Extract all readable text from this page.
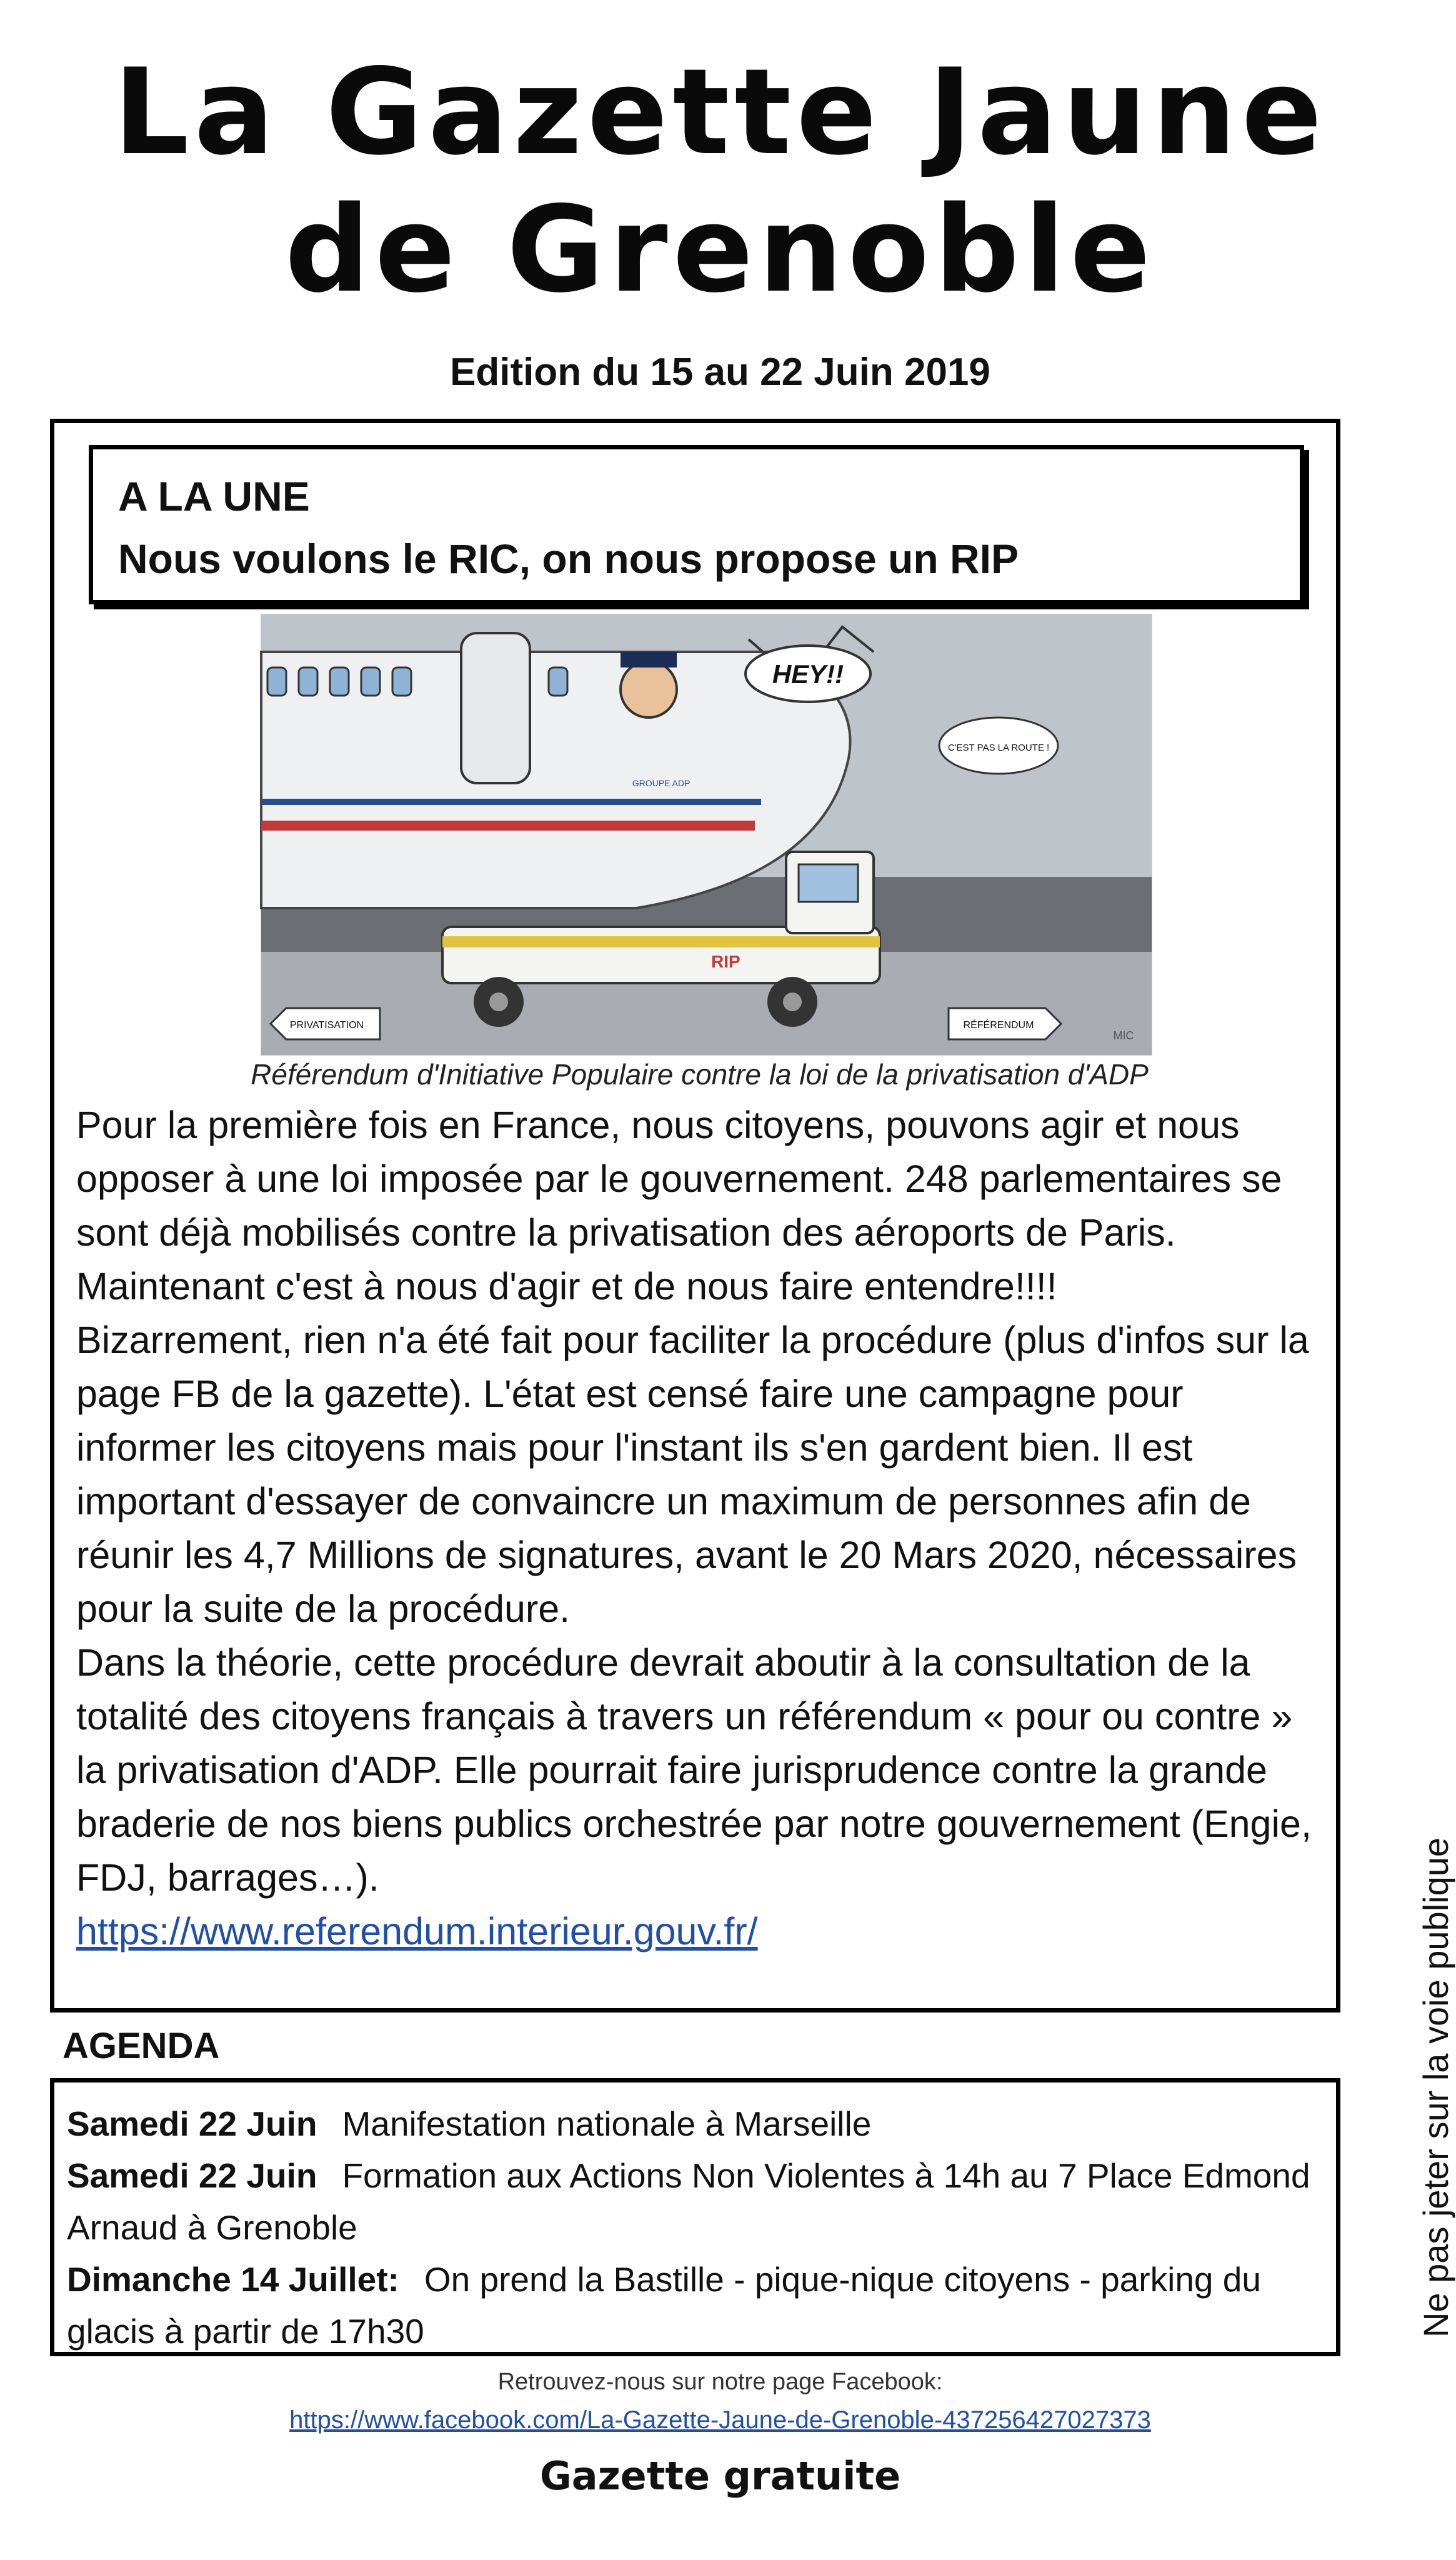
La Gazette Jaune
de Grenoble
Edition du 15 au 22 Juin 2019
A LA UNE
Nous voulons le RIC, on nous propose un RIP
HEY!!
C'EST PAS LA ROUTE !
GROUPE ADP
RIP
PRIVATISATION	RÉFÉRENDUM
MIC
Référendum d'Initiative Populaire contre la loi de la privatisation d'ADP

Pour la première fois en France, nous citoyens, pouvons agir et nous opposer à une loi imposée par le gouvernement. 248 parlementaires se sont déjà mobilisés contre la privatisation des aéroports de Paris.

Maintenant c'est à nous d'agir et de nous faire entendre!!!!

Bizarrement, rien n'a été fait pour faciliter la procédure (plus d'infos sur la page FB de la gazette). L'état est censé faire une campagne pour informer les citoyens mais pour l'instant ils s'en gardent bien. Il est important d'essayer de convaincre un maximum de personnes afin de réunir les 4,7 Millions de signatures, avant le 20 Mars 2020, nécessaires pour la suite de la procédure.

Dans la théorie, cette procédure devrait aboutir à la consultation de la totalité des citoyens français à travers un référendum « pour ou contre » la privatisation d'ADP. Elle pourrait faire jurisprudence contre la grande braderie de nos biens publics orchestrée par notre gouvernement (Engie, FDJ, barrages…).

https://www.referendum.interieur.gouv.fr/

AGENDA
Samedi 22 Juin Manifestation nationale à Marseille
Samedi 22 Juin Formation aux Actions Non Violentes à 14h au 7 Place Edmond Arnaud à Grenoble
Dimanche 14 Juillet: On prend la Bastille - pique-nique citoyens - parking du glacis à partir de 17h30
Retrouvez-nous sur notre page Facebook:
https://www.facebook.com/La-Gazette-Jaune-de-Grenoble-437256427027373
Gazette gratuite
Ne pas jeter sur la voie publique
